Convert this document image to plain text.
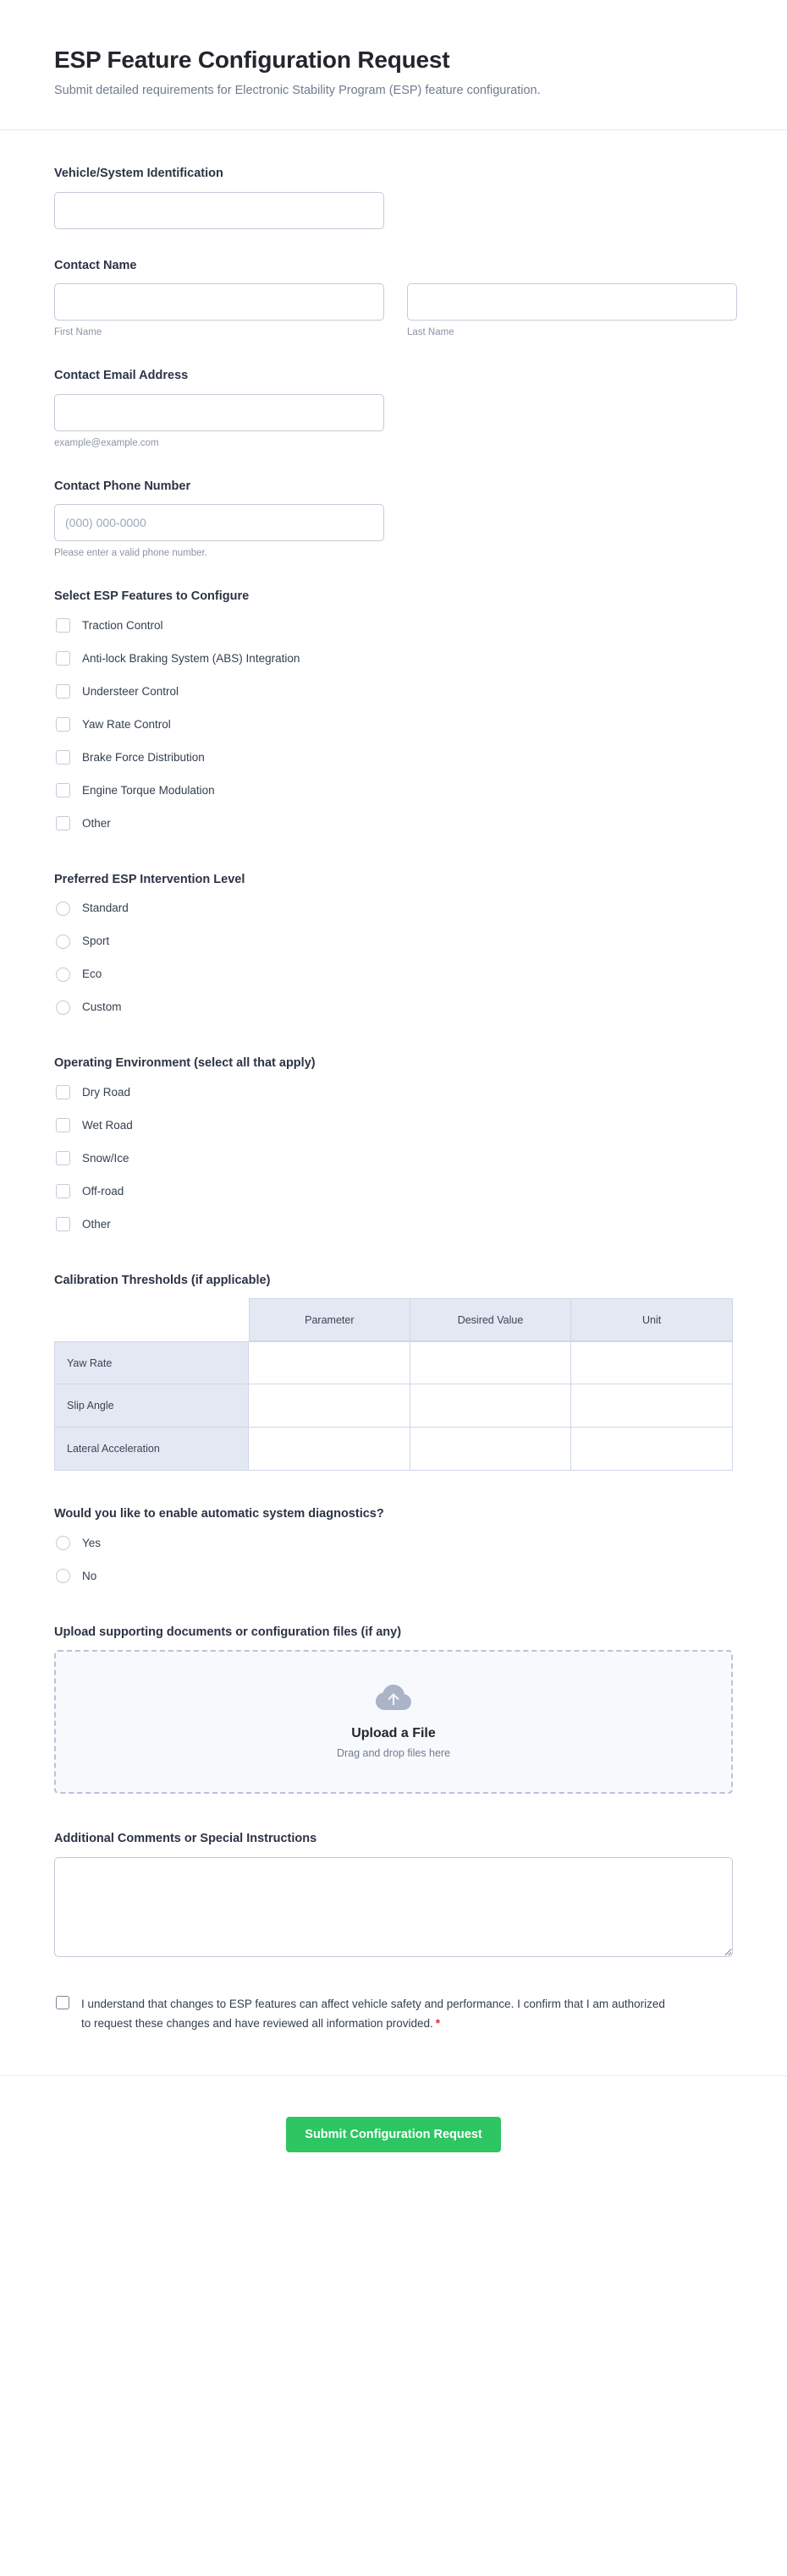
ESP Feature Configuration Request

Submit detailed requirements for Electronic Stability Program (ESP) feature configuration.

Vehicle/System Identification
Contact Name
First Name	Last Name
Contact Email Address
example@example.com
Contact Phone Number
(000) 000-0000
Please enter a valid phone number.
Select ESP Features to Configure
Traction Control
Anti-lock Braking System (ABS) Integration
Understeer Control
Yaw Rate Control
Brake Force Distribution
Engine Torque Modulation
Other
Preferred ESP Intervention Level
Standard
Sport
Eco
Custom
Operating Environment (select all that apply)
Dry Road
Wet Road
Snow/Ice
Off-road
Other
Calibration Thresholds (if applicable)
	Parameter	Desired Value	Unit
Yaw Rate			
Slip Angle			
Lateral Acceleration			
Would you like to enable automatic system diagnostics?
Yes
No
Upload supporting documents or configuration files (if any)
Upload a File
Drag and drop files here
Additional Comments or Special Instructions
I understand that changes to ESP features can affect vehicle safety and performance. I confirm that I am authorized to request these changes and have reviewed all information provided. *
Submit Configuration Request
